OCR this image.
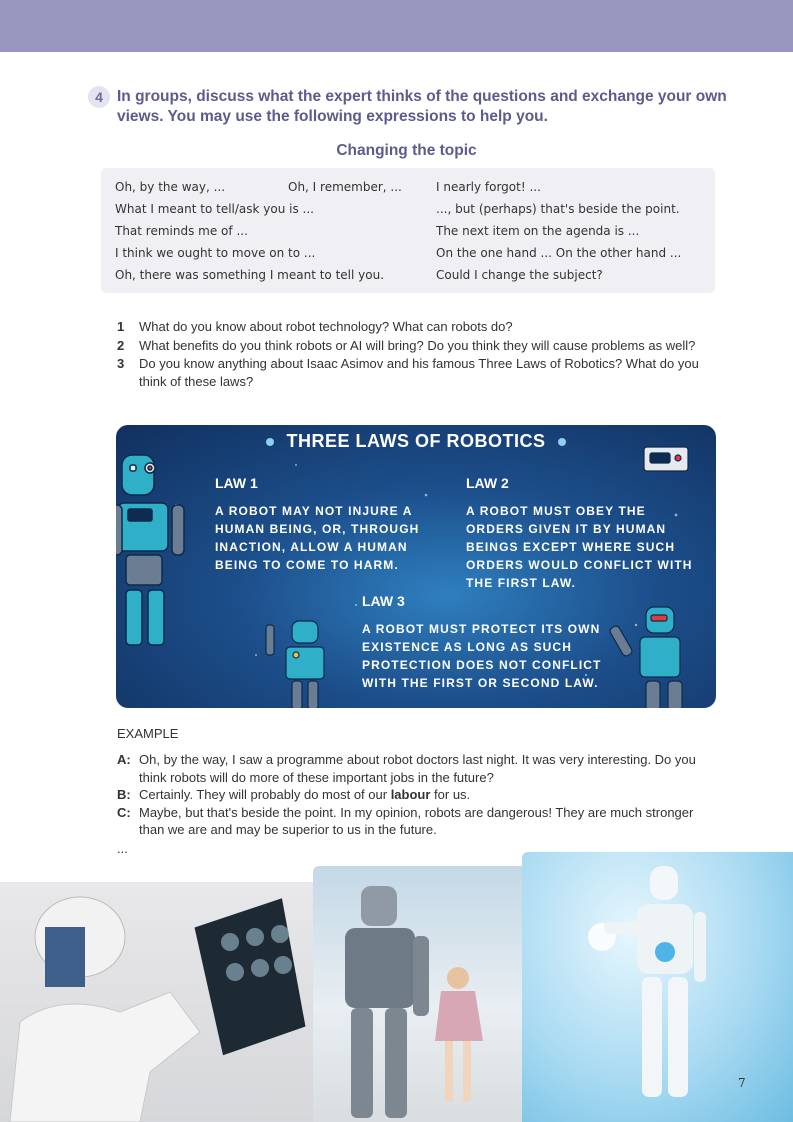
4 In groups, discuss what the expert thinks of the questions and exchange your own views. You may use the following expressions to help you.
Changing the topic
Oh, by the way, ...	Oh, I remember, ...	I nearly forgot! ...
What I meant to tell/ask you is ...	..., but (perhaps) that's beside the point.
That reminds me of ...	The next item on the agenda is ...
I think we ought to move on to ...	On the one hand ... On the other hand ...
Oh, there was something I meant to tell you.	Could I change the subject?
1 What do you know about robot technology? What can robots do?
2 What benefits do you think robots or AI will bring? Do you think they will cause problems as well?
3 Do you know anything about Isaac Asimov and his famous Three Laws of Robotics? What do you think of these laws?
THREE LAWS OF ROBOTICS
LAW 1
A ROBOT MAY NOT INJURE A HUMAN BEING, OR, THROUGH INACTION, ALLOW A HUMAN BEING TO COME TO HARM.
LAW 2
A ROBOT MUST OBEY THE ORDERS GIVEN IT BY HUMAN BEINGS EXCEPT WHERE SUCH ORDERS WOULD CONFLICT WITH THE FIRST LAW.
LAW 3
A ROBOT MUST PROTECT ITS OWN EXISTENCE AS LONG AS SUCH PROTECTION DOES NOT CONFLICT WITH THE FIRST OR SECOND LAW.
EXAMPLE
A: Oh, by the way, I saw a programme about robot doctors last night. It was very interesting. Do you think robots will do more of these important jobs in the future?
B: Certainly. They will probably do most of our labour for us.
C: Maybe, but that's beside the point. In my opinion, robots are dangerous! They are much stronger than we are and may be superior to us in the future.
...
7
